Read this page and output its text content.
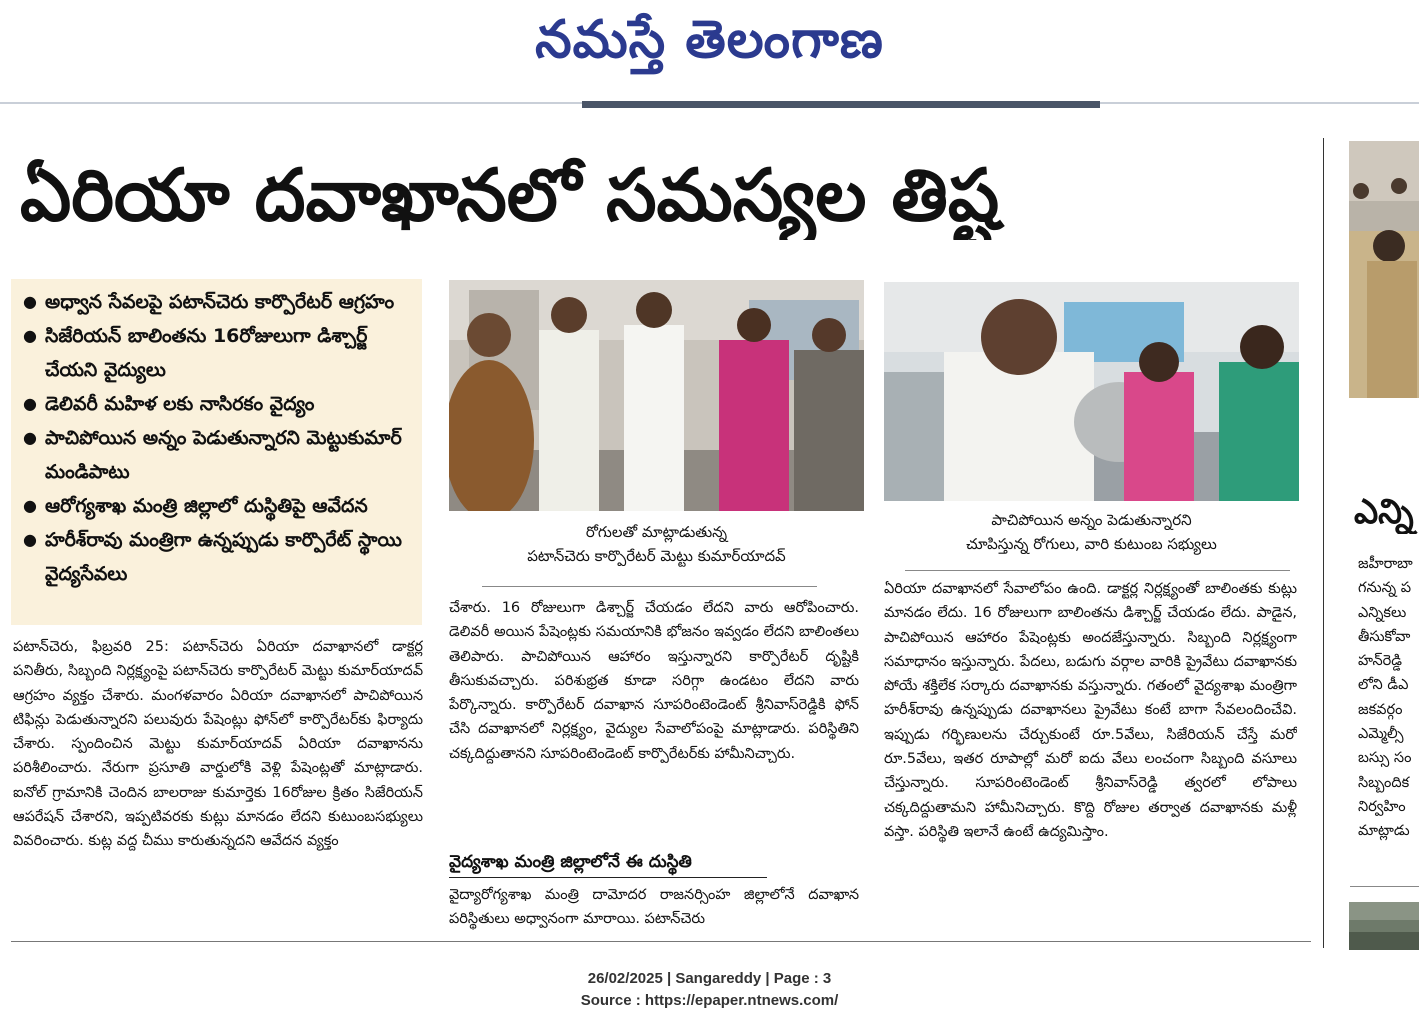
నమస్తే తెలంగాణ
ఏరియా దవాఖానలో సమస్యల తిష్ట
● అధ్వాన సేవలపై పటాన్‌చెరు కార్పొరేటర్ ఆగ్రహం
● సిజేరియన్ బాలింతను 16రోజులుగా డిశ్చార్జ్ చేయని వైద్యులు
● డెలివరీ మహిళ లకు నాసిరకం వైద్యం
● పాచిపోయిన అన్నం పెడుతున్నారని మెట్టుకుమార్ మండిపాటు
● ఆరోగ్యశాఖ మంత్రి జిల్లాలో దుస్థితిపై ఆవేదన
● హరీశ్‌రావు మంత్రిగా ఉన్నప్పుడు కార్పొరేట్ స్థాయి వైద్యసేవలు
రోగులతో మాట్లాడుతున్న
పటాన్‌చెరు కార్పొరేటర్ మెట్టు కుమార్‌యాదవ్
పాచిపోయిన అన్నం పెడుతున్నారని
చూపిస్తున్న రోగులు, వారి కుటుంబ సభ్యులు
పటాన్‌చెరు, ఫిబ్రవరి 25: పటాన్‌చెరు ఏరియా దవాఖానలో డాక్టర్ల పనితీరు, సిబ్బంది నిర్లక్ష్యంపై పటాన్‌చెరు కార్పొరేటర్ మెట్టు కుమార్‌యాదవ్ ఆగ్రహం వ్యక్తం చేశారు. మంగళవారం ఏరియా దవాఖానలో పాచిపోయిన టిఫిన్లు పెడుతున్నారని పలువురు పేషెంట్లు ఫోన్‌లో కార్పొరేటర్‌కు ఫిర్యాదు చేశారు. స్పందించిన మెట్టు కుమార్‌యాదవ్ ఏరియా దవాఖానను పరిశీలించారు. నేరుగా ప్రసూతి వార్డులోకి వెళ్లి పేషెంట్లతో మాట్లాడారు. ఐనోల్ గ్రామానికి చెందిన బాలరాజు కుమార్తెకు 16రోజుల క్రితం సిజేరియన్ ఆపరేషన్ చేశారని, ఇప్పటివరకు కుట్లు మానడం లేదని కుటుంబసభ్యులు వివరించారు. కుట్ల వద్ద చీము కారుతున్నదని ఆవేదన వ్యక్తం
చేశారు. 16 రోజులుగా డిశ్చార్జ్ చేయడం లేదని వారు ఆరోపించారు. డెలివరీ అయిన పేషెంట్లకు సమయానికి భోజనం ఇవ్వడం లేదని బాలింతలు తెలిపారు. పాచిపోయిన ఆహారం ఇస్తున్నారని కార్పొరేటర్ దృష్టికి తీసుకువచ్చారు. పరిశుభ్రత కూడా సరిగ్గా ఉండటం లేదని వారు పేర్కొన్నారు. కార్పొరేటర్ దవాఖాన సూపరింటెండెంట్ శ్రీనివాస్‌రెడ్డికి ఫోన్ చేసి దవాఖానలో నిర్లక్ష్యం, వైద్యుల సేవాలోపంపై మాట్లాడారు. పరిస్థితిని చక్కదిద్దుతానని సూపరింటెండెంట్ కార్పొరేటర్‌కు హామీనిచ్చారు.
వైద్యశాఖ మంత్రి జిల్లాలోనే ఈ దుస్థితి
వైద్యారోగ్యశాఖ మంత్రి దామోదర రాజనర్సింహ జిల్లాలోనే దవాఖాన పరిస్థితులు అధ్వానంగా మారాయి. పటాన్‌చెరు
ఏరియా దవాఖానలో సేవాలోపం ఉంది. డాక్టర్ల నిర్లక్ష్యంతో బాలింతకు కుట్లు మానడం లేదు. 16 రోజులుగా బాలింతను డిశ్చార్జ్ చేయడం లేదు. పాడైన, పాచిపోయిన ఆహారం పేషెంట్లకు అందజేస్తున్నారు. సిబ్బంది నిర్లక్ష్యంగా సమాధానం ఇస్తున్నారు. పేదలు, బడుగు వర్గాల వారికి ప్రైవేటు దవాఖానకు పోయే శక్తిలేక సర్కారు దవాఖానకు వస్తున్నారు. గతంలో వైద్యశాఖ మంత్రిగా హరీశ్‌రావు ఉన్నప్పుడు దవాఖానలు ప్రైవేటు కంటే బాగా సేవలందించేవి. ఇప్పుడు గర్భిణులను చేర్చుకుంటే రూ.5వేలు, సిజేరియన్ చేస్తే మరో రూ.5వేలు, ఇతర రూపాల్లో మరో ఐదు వేలు లంచంగా సిబ్బంది వసూలు చేస్తున్నారు. సూపరింటెండెంట్ శ్రీనివాస్‌రెడ్డి త్వరలో లోపాలు చక్కదిద్దుతామని హామీనిచ్చారు. కొద్ది రోజుల తర్వాత దవాఖానకు మళ్లీ వస్తా. పరిస్థితి ఇలానే ఉంటే ఉద్యమిస్తాం.
ఎన్ని
జహీరాబా
గనున్న ప
ఎన్నికలు
తీసుకోవా
హన్‌రెడ్డి
లోని డీఎ
జకవర్గం
ఎమ్మెల్సీ
బస్సు సం
సిబ్బందిక
నిర్వహిం
మాట్లాడు
26/02/2025 | Sangareddy | Page : 3
Source : https://epaper.ntnews.com/
